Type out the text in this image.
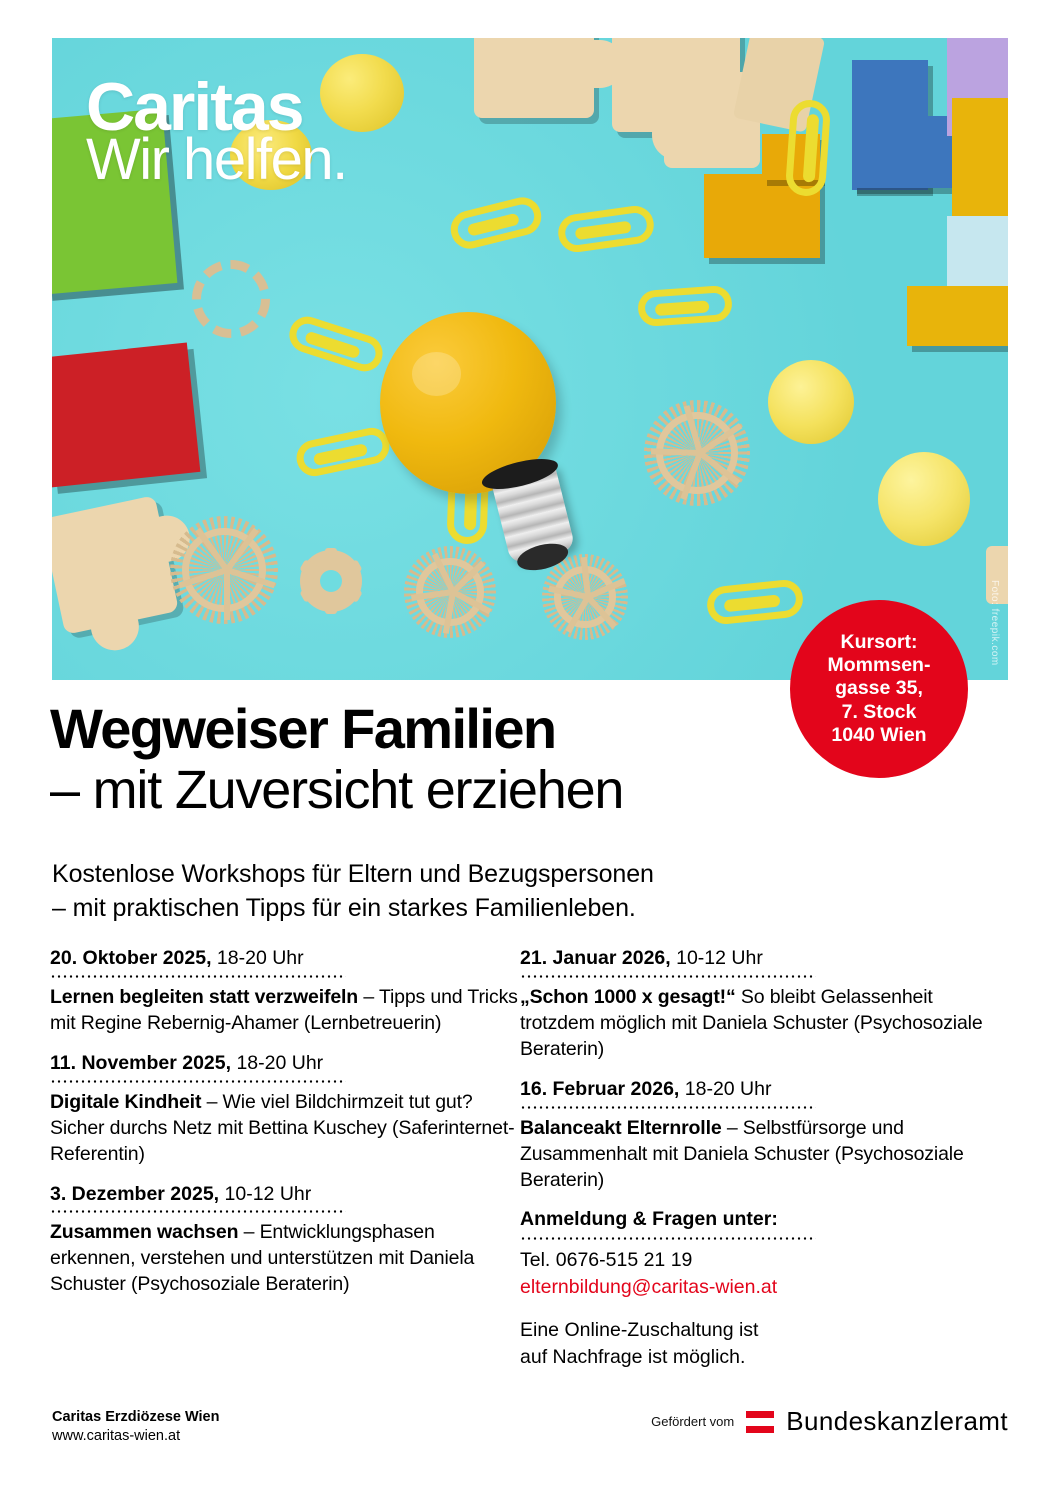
Caritas
Wir helfen.
Foto: freepik.com
Kursort:
Mommsen-
gasse 35,
7. Stock
1040 Wien
Wegweiser Familien
– mit Zuversicht erziehen
Kostenlose Workshops für Eltern und Bezugspersonen
– mit praktischen Tipps für ein starkes Familienleben.
20. Oktober 2025, 18-20 Uhr
Lernen begleiten statt verzweifeln – Tipps und Tricks mit Regine Rebernig-Ahamer (Lernbetreuerin)
11. November 2025, 18-20 Uhr
Digitale Kindheit – Wie viel Bildchirmzeit tut gut? Sicher durchs Netz mit Bettina Kuschey (Saferinternet-Referentin)
3. Dezember 2025, 10-12 Uhr
Zusammen wachsen – Entwicklungsphasen erkennen, verstehen und unterstützen mit Daniela Schuster (Psychosoziale Beraterin)
21. Januar 2026, 10-12 Uhr
„Schon 1000 x gesagt!“ So bleibt Gelassenheit trotzdem möglich mit Daniela Schuster (Psychosoziale Beraterin)
16. Februar 2026, 18-20 Uhr
Balanceakt Elternrolle – Selbstfürsorge und Zusammenhalt mit Daniela Schuster (Psychosoziale Beraterin)
Anmeldung & Fragen unter:
Tel. 0676-515 21 19
elternbildung@caritas-wien.at
Eine Online-Zuschaltung ist
auf Nachfrage ist möglich.
Caritas Erzdiözese Wien
www.caritas-wien.at
Gefördert vom Bundeskanzleramt
